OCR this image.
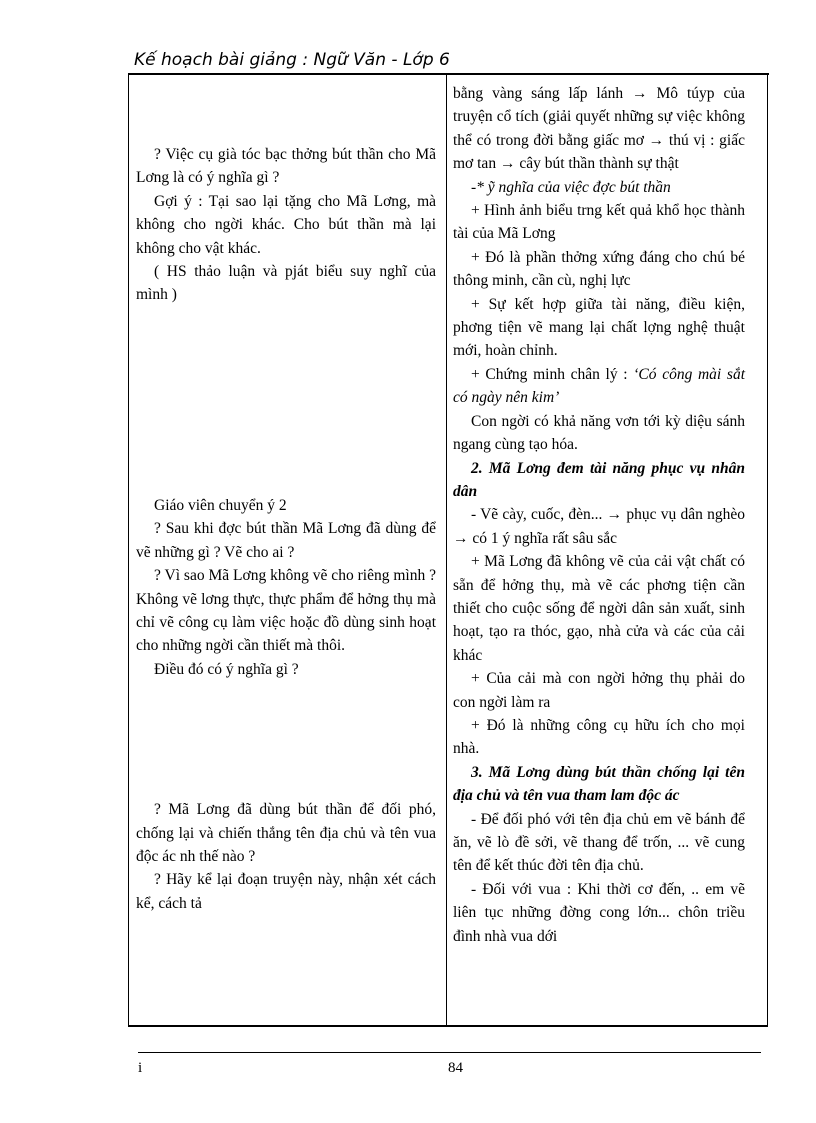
Kế hoạch bài giảng : Ngữ Văn - Lớp 6

? Việc cụ già tóc bạc thởng bút thần cho Mã Lơng là có ý nghĩa gì ?

Gợi ý : Tại sao lại tặng cho Mã Lơng, mà không cho ngời khác. Cho bút thần mà lại không cho vật khác.

( HS thảo luận và pját biểu suy nghĩ của mình )

Giáo viên chuyển ý 2

? Sau khi đợc bút thần Mã Lơng đã dùng để vẽ những gì ? Vẽ cho ai ?

? Vì sao Mã Lơng không vẽ cho riêng mình ? Không vẽ lơng thực, thực phẩm để hởng thụ mà chỉ vẽ công cụ làm việc hoặc đồ dùng sinh hoạt cho những ngời cần thiết mà thôi.

Điều đó có ý nghĩa gì ?

? Mã Lơng đã dùng bút thần để đối phó, chống lại và chiến thắng tên địa chủ và tên vua độc ác nh thế nào ?

? Hãy kể lại đoạn truyện này, nhận xét cách kể, cách tả

bằng vàng sáng lấp lánh → Mô túyp của truyện cổ tích (giải quyết những sự việc không thể có trong đời bằng giấc mơ → thú vị : giấc mơ tan → cây bút thần thành sự thật

-* ỹ nghĩa của việc đợc bút thần

+ Hình ảnh biểu trng kết quả khổ học thành tài của Mã Lơng

+ Đó là phần thởng xứng đáng cho chú bé thông minh, cần cù, nghị lực

+ Sự kết hợp giữa tài năng, điều kiện, phơng tiện vẽ mang lại chất lợng nghệ thuật mới, hoàn chỉnh.

+ Chứng minh chân lý : ‘Có công mài sắt có ngày nên kim’

Con ngời có khả năng vơn tới kỳ diệu sánh ngang cùng tạo hóa.

2. Mã Lơng đem tài năng phục vụ nhân dân

- Vẽ cày, cuốc, đèn... → phục vụ dân nghèo → có 1 ý nghĩa rất sâu sắc

+ Mã Lơng đã không vẽ của cải vật chất có sẵn để hởng thụ, mà vẽ các phơng tiện cần thiết cho cuộc sống để ngời dân sản xuất, sinh hoạt, tạo ra thóc, gạo, nhà cửa và các của cải khác

+ Của cải mà con ngời hởng thụ phải do con ngời làm ra

+ Đó là những công cụ hữu ích cho mọi nhà.

3. Mã Lơng dùng bút thần chống lại tên địa chủ và tên vua tham lam độc ác

- Để đối phó với tên địa chủ em vẽ bánh để ăn, vẽ lò đề sởi, vẽ thang để trốn, ... vẽ cung tên để kết thúc đời tên địa chủ.

- Đối với vua : Khi thời cơ đến, .. em vẽ liên tục những đờng cong lớn... chôn triều đình nhà vua dới

i	84
